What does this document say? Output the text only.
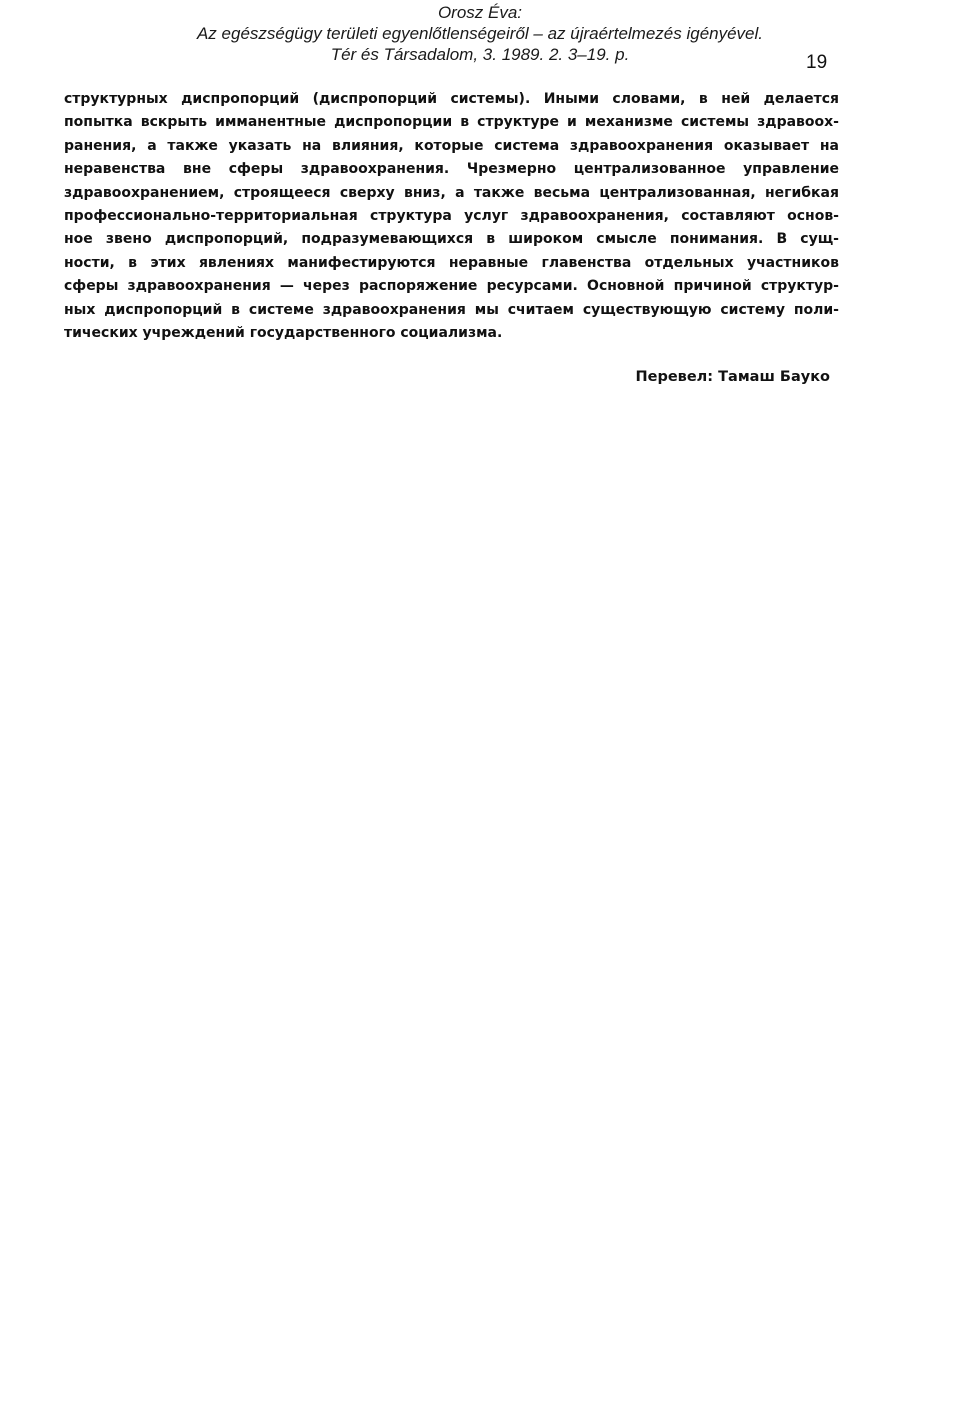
Orosz Éva:
Az egészségügy területi egyenlőtlenségeiről – az újraértelmezés igényével.
Tér és Társadalom, 3. 1989. 2. 3–19. p.	19
структурных диспропорций (диспропорций системы). Иными словами, в ней делается
попытка вскрыть имманентные диспропорции в структуре и механизме системы здравоох-
ранения, а также указать на влияния, которые система здравоохранения оказывает на
неравенства вне сферы здравоохранения. Чрезмерно централизованное управление
здравоохранением, строящееся сверху вниз, а также весьма централизованная, негибкая
профессионально-территориальная структура услуг здравоохранения, составляют основ-
ное звено диспропорций, подразумевающихся в широком смысле понимания. В сущ-
ности, в этих явлениях манифестируются неравные главенства отдельных участников
сферы здравоохранения — через распоряжение ресурсами. Основной причиной структур-
ных диспропорций в системе здравоохранения мы считаем существующую систему поли-
тических учреждений государственного социализма.
Перевел: Тамаш Бауко
